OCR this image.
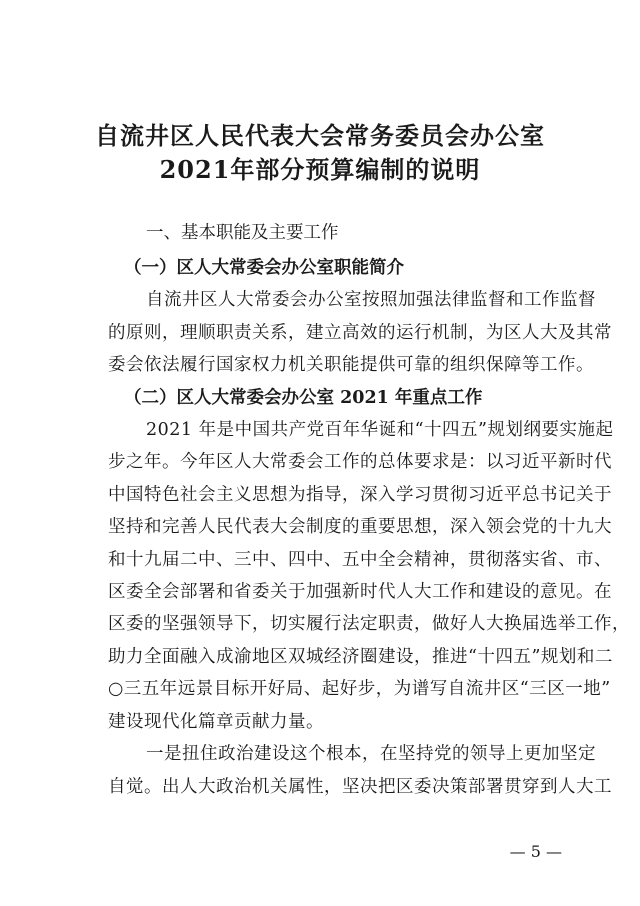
自流井区人民代表大会常务委员会办公室
2021年部分预算编制的说明
一、基本职能及主要工作
（一）区人大常委会办公室职能简介
自流井区人大常委会办公室按照加强法律监督和工作监督
的原则，理顺职责关系，建立高效的运行机制，为区人大及其常
委会依法履行国家权力机关职能提供可靠的组织保障等工作。
（二）区人大常委会办公室 2021 年重点工作
2021 年是中国共产党百年华诞和“十四五”规划纲要实施起
步之年。今年区人大常委会工作的总体要求是：以习近平新时代
中国特色社会主义思想为指导，深入学习贯彻习近平总书记关于
坚持和完善人民代表大会制度的重要思想，深入领会党的十九大
和十九届二中、三中、四中、五中全会精神，贯彻落实省、市、
区委全会部署和省委关于加强新时代人大工作和建设的意见。在
区委的坚强领导下，切实履行法定职责，做好人大换届选举工作，
助力全面融入成渝地区双城经济圈建设，推进“十四五”规划和二
○三五年远景目标开好局、起好步，为谱写自流井区“三区一地”
建设现代化篇章贡献力量。
一是扭住政治建设这个根本，在坚持党的领导上更加坚定
自觉。出人大政治机关属性，坚决把区委决策部署贯穿到人大工
— 5 —
